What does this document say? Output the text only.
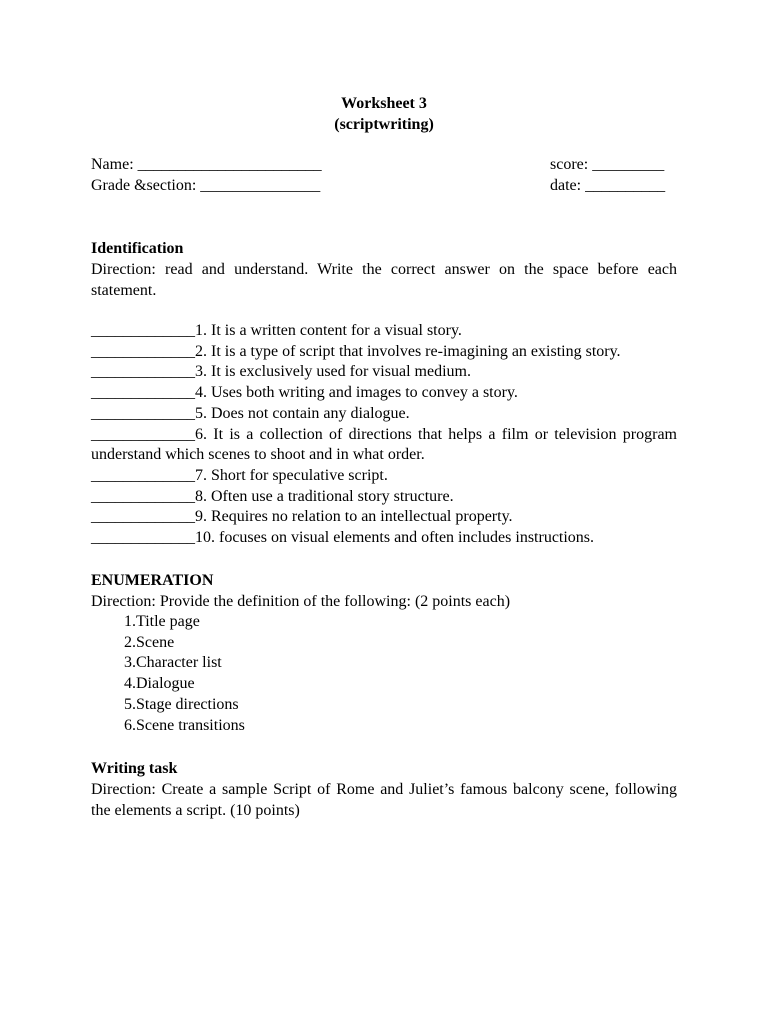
Worksheet 3
(scriptwriting)
Name: _______________________	score: _________
Grade &section: _______________	date: __________
Identification
Direction: read and understand. Write the correct answer on the space before each statement.
_____________1. It is a written content for a visual story.
_____________2. It is a type of script that involves re-imagining an existing story.
_____________3. It is exclusively used for visual medium.
_____________4. Uses both writing and images to convey a story.
_____________5. Does not contain any dialogue.
_____________6. It is a collection of directions that helps a film or television program understand which scenes to shoot and in what order.
_____________7. Short for speculative script.
_____________8. Often use a traditional story structure.
_____________9. Requires no relation to an intellectual property.
_____________10. focuses on visual elements and often includes instructions.
ENUMERATION
Direction: Provide the definition of the following: (2 points each)
1. Title page
2. Scene
3. Character list
4. Dialogue
5. Stage directions
6. Scene transitions
Writing task
Direction: Create a sample Script of Rome and Juliet’s famous balcony scene, following the elements a script. (10 points)
